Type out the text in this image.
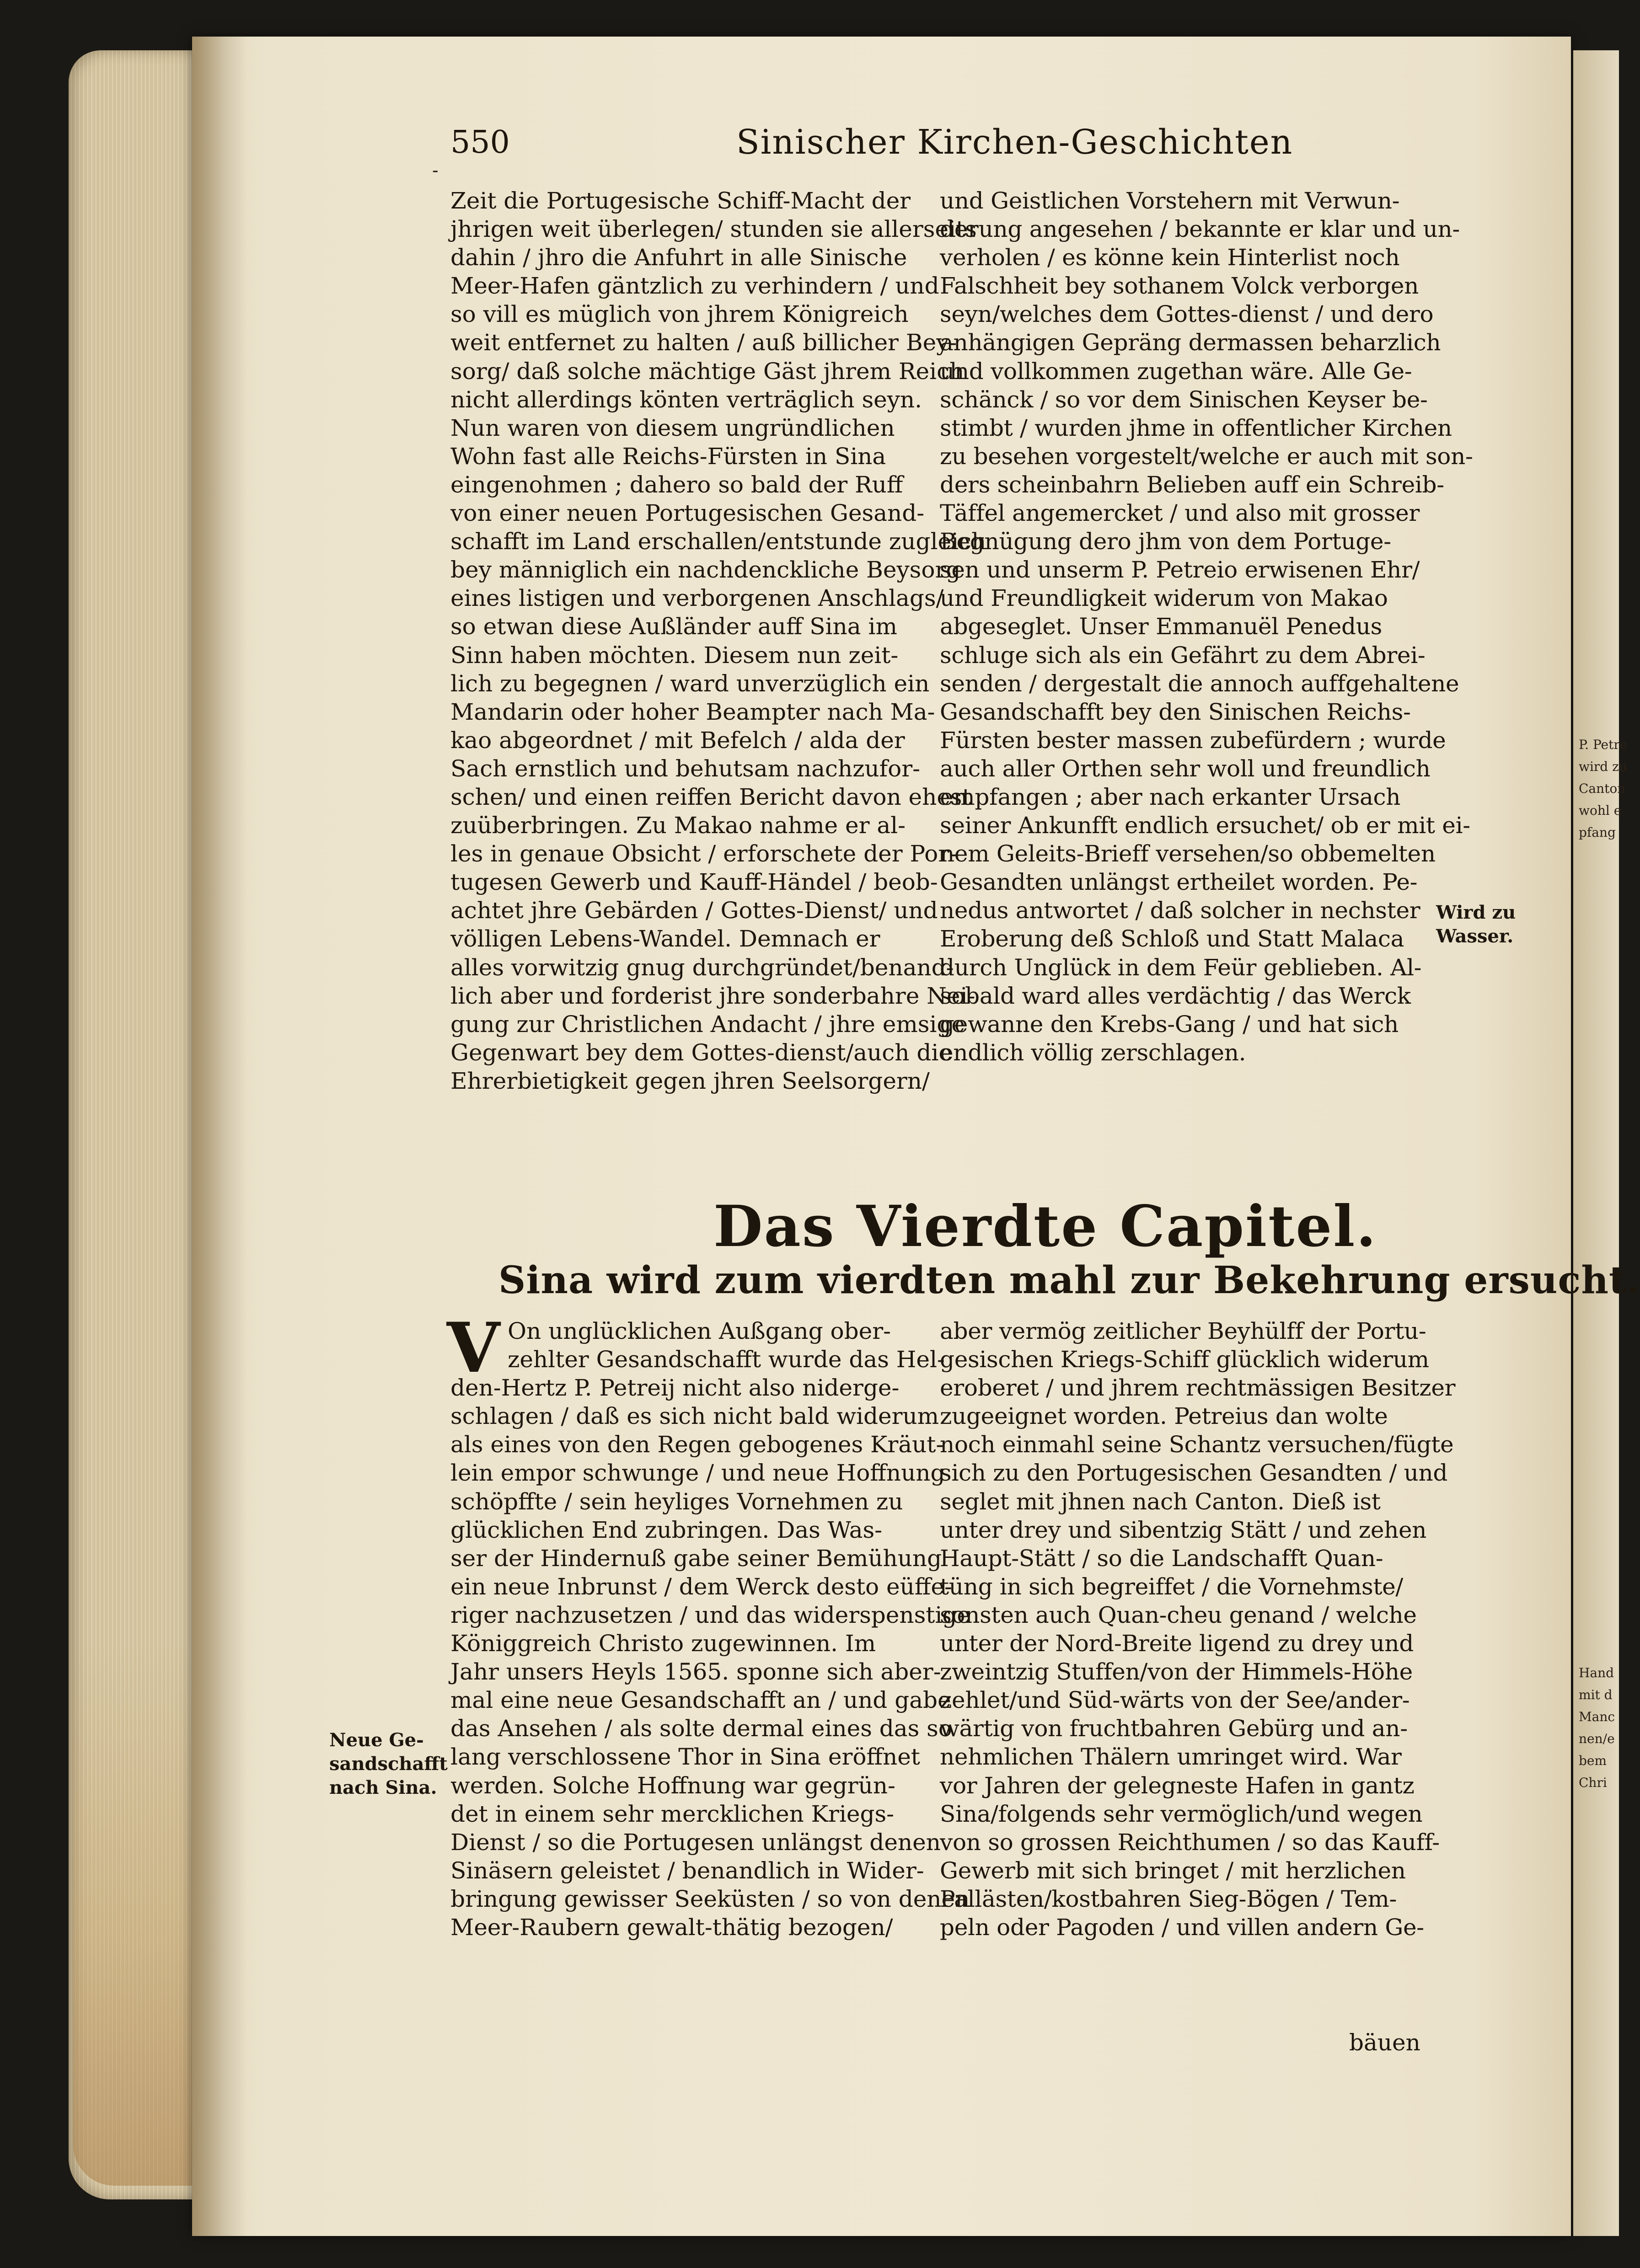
P. Petre
wird zu
Canton
wohl e
pfang
Hand
mit d
Manc
nen/e
bem
Chri
-
550	Sinischer Kirchen-Geschichten
Zeit die Portugesische Schiff-Macht der
jhrigen weit überlegen/ stunden sie allerseits
dahin / jhro die Anfuhrt in alle Sinische
Meer-Hafen gäntzlich zu verhindern / und
so vill es müglich von jhrem Königreich
weit entfernet zu halten / auß billicher Bey-
sorg/ daß solche mächtige Gäst jhrem Reich
nicht allerdings könten verträglich seyn.
Nun waren von diesem ungründlichen
Wohn fast alle Reichs-Fürsten in Sina
eingenohmen ; dahero so bald der Ruff
von einer neuen Portugesischen Gesand-
schafft im Land erschallen/entstunde zugleich
bey männiglich ein nachdenckliche Beysorg
eines listigen und verborgenen Anschlags/
so etwan diese Außländer auff Sina im
Sinn haben möchten. Diesem nun zeit-
lich zu begegnen / ward unverzüglich ein
Mandarin oder hoher Beampter nach Ma-
kao abgeordnet / mit Befelch / alda der
Sach ernstlich und behutsam nachzufor-
schen/ und einen reiffen Bericht davon ehest
zuüberbringen. Zu Makao nahme er al-
les in genaue Obsicht / erforschete der Por-
tugesen Gewerb und Kauff-Händel / beob-
achtet jhre Gebärden / Gottes-Dienst/ und
völligen Lebens-Wandel. Demnach er
alles vorwitzig gnug durchgründet/benand-
lich aber und forderist jhre sonderbahre Nei-
gung zur Christlichen Andacht / jhre emsige
Gegenwart bey dem Gottes-dienst/auch die
Ehrerbietigkeit gegen jhren Seelsorgern/
und Geistlichen Vorstehern mit Verwun-
derung angesehen / bekannte er klar und un-
verholen / es könne kein Hinterlist noch
Falschheit bey sothanem Volck verborgen
seyn/welches dem Gottes-dienst / und dero
anhängigen Gepräng dermassen beharzlich
und vollkommen zugethan wäre. Alle Ge-
schänck / so vor dem Sinischen Keyser be-
stimbt / wurden jhme in offentlicher Kirchen
zu besehen vorgestelt/welche er auch mit son-
ders scheinbahrn Belieben auff ein Schreib-
Täffel angemercket / und also mit grosser
Begnügung dero jhm von dem Portuge-
sen und unserm P. Petreio erwisenen Ehr/
und Freundligkeit widerum von Makao
abgeseglet. Unser Emmanuël Penedus
schluge sich als ein Gefährt zu dem Abrei-
senden / dergestalt die annoch auffgehaltene
Gesandschafft bey den Sinischen Reichs-
Fürsten bester massen zubefürdern ; wurde
auch aller Orthen sehr woll und freundlich
empfangen ; aber nach erkanter Ursach
seiner Ankunfft endlich ersuchet/ ob er mit ei-
nem Geleits-Brieff versehen/so obbemelten
Gesandten unlängst ertheilet worden. Pe-
nedus antwortet / daß solcher in nechster
Eroberung deß Schloß und Statt Malaca
durch Unglück in dem Feür geblieben. Al-
sobald ward alles verdächtig / das Werck
gewanne den Krebs-Gang / und hat sich
endlich völlig zerschlagen.
Wird zu
Wasser.
Das Vierdte Capitel.
Sina wird zum vierdten mahl zur Bekehrung ersucht.
V On unglücklichen Außgang ober-
zehlter Gesandschafft wurde das Hel-
den-Hertz P. Petreij nicht also niderge-
schlagen / daß es sich nicht bald widerum
als eines von den Regen gebogenes Kräut-
lein empor schwunge / und neue Hoffnung
schöpffte / sein heyliges Vornehmen zu
glücklichen End zubringen. Das Was-
ser der Hindernuß gabe seiner Bemühung
ein neue Inbrunst / dem Werck desto eüffe-
riger nachzusetzen / und das widerspenstige
Königgreich Christo zugewinnen. Im
Jahr unsers Heyls 1565. sponne sich aber-
mal eine neue Gesandschafft an / und gabe
das Ansehen / als solte dermal eines das so
lang verschlossene Thor in Sina eröffnet
werden. Solche Hoffnung war gegrün-
det in einem sehr mercklichen Kriegs-
Dienst / so die Portugesen unlängst denen
Sinäsern geleistet / benandlich in Wider-
bringung gewisser Seeküsten / so von denen
Meer-Raubern gewalt-thätig bezogen/
aber vermög zeitlicher Beyhülff der Portu-
gesischen Kriegs-Schiff glücklich widerum
eroberet / und jhrem rechtmässigen Besitzer
zugeeignet worden. Petreius dan wolte
noch einmahl seine Schantz versuchen/fügte
sich zu den Portugesischen Gesandten / und
seglet mit jhnen nach Canton. Dieß ist
unter drey und sibentzig Stätt / und zehen
Haupt-Stätt / so die Landschafft Quan-
tüng in sich begreiffet / die Vornehmste/
sonsten auch Quan-cheu genand / welche
unter der Nord-Breite ligend zu drey und
zweintzig Stuffen/von der Himmels-Höhe
zehlet/und Süd-wärts von der See/ander-
wärtig von fruchtbahren Gebürg und an-
nehmlichen Thälern umringet wird. War
vor Jahren der gelegneste Hafen in gantz
Sina/folgends sehr vermöglich/und wegen
von so grossen Reichthumen / so das Kauff-
Gewerb mit sich bringet / mit herzlichen
Pallästen/kostbahren Sieg-Bögen / Tem-
peln oder Pagoden / und villen andern Ge-
Neue Ge-
sandschafft
nach Sina.
bäuen
